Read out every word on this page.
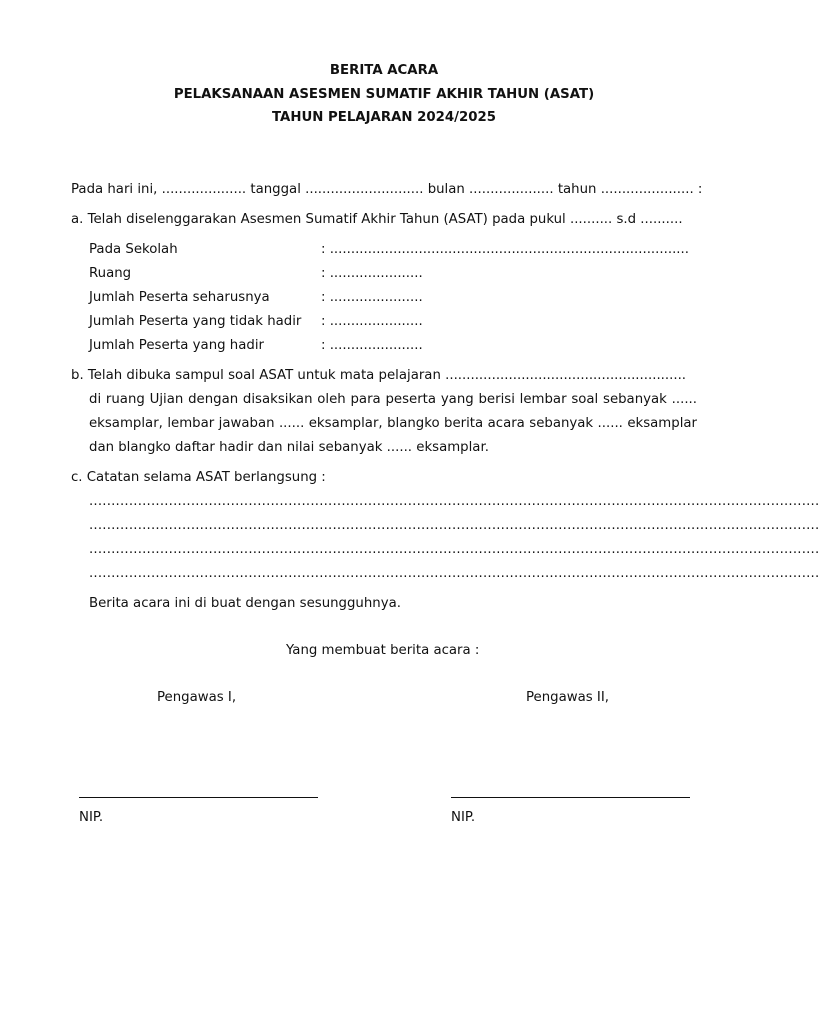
BERITA ACARA
PELAKSANAAN ASESMEN SUMATIF AKHIR TAHUN (ASAT)
TAHUN PELAJARAN 2024/2025
Pada hari ini, .................... tanggal ............................ bulan .................... tahun ...................... :
a. Telah diselenggarakan Asesmen Sumatif Akhir Tahun (ASAT) pada pukul .......... s.d ..........
Pada Sekolah	: .....................................................................................
Ruang	: ......................
Jumlah Peserta seharusnya	: ......................
Jumlah Peserta yang tidak hadir : ......................
Jumlah Peserta yang hadir	: ......................
b. Telah dibuka sampul soal ASAT untuk mata pelajaran .........................................................
di ruang Ujian dengan disaksikan oleh para peserta yang berisi lembar soal sebanyak ......
eksamplar, lembar jawaban ...... eksamplar, blangko berita acara sebanyak ...... eksamplar
dan blangko daftar hadir dan nilai sebanyak ...... eksamplar.
c. Catatan selama ASAT berlangsung :
.....................................................................................................................................................................
.....................................................................................................................................................................
.....................................................................................................................................................................
.....................................................................................................................................................................
Berita acara ini di buat dengan sesungguhnya.
Yang membuat berita acara :
Pengawas I,	Pengawas II,
NIP.	NIP.
